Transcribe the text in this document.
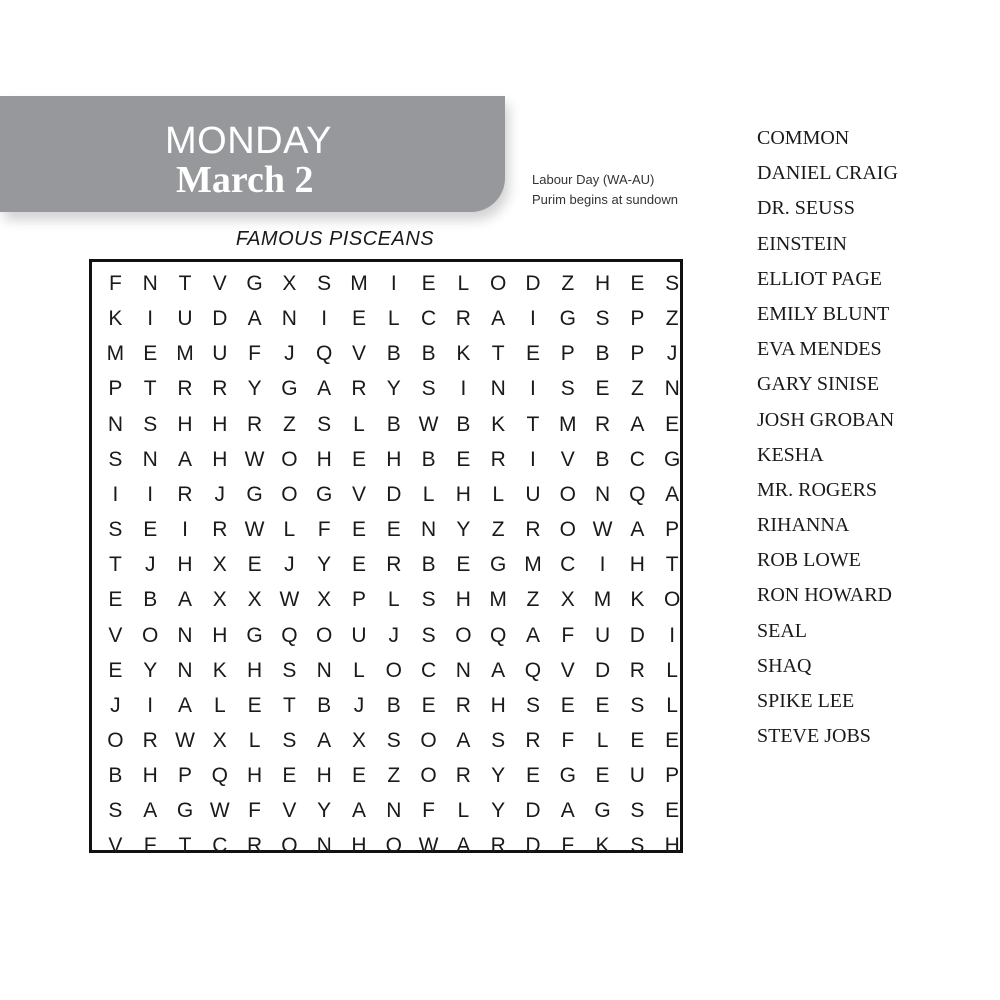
MONDAY
March 2	Labour Day (WA-AU)
Purim begins at sundown
FAMOUS PISCEANS
F N T	V G X S M	I	E	L O D Z H E S
K	I	U D A N	I	E	L	C R A	I	G S P	Z
M E M U F	J	Q V B B K	T	E P B P	J
P	T R R Y G A R Y S	I	N	I	S E	Z N
N S H H R Z	S	L	B W B K	T M R A E
S N A H W O H E H B E R	I	V B C G
I	I	R	J	G O G V D	L	H	L	U O N Q A
S E	I	R W L	F	E E N Y	Z R O W A P
T	J	H X E	J	Y E R B E G M C	I	H T
E B A X X W X P	L	S H M Z	X M K O
V O N H G Q O U	J	S O Q A	F U D	I
E Y N K H S N	L O C N A Q V D R	L
J	I	A	L	E	T	B	J	B E R H S E E S	L
O R W X	L	S A X S O A S R F	L	E E
B H P Q H E H E	Z O R Y E G E U P
S A G W F	V Y A N F	L	Y D A G S E
V	F	T C R O N H O W A R D F	K S H
COMMON
DANIEL CRAIG
DR. SEUSS
EINSTEIN
ELLIOT PAGE
EMILY BLUNT
EVA MENDES
GARY SINISE
JOSH GROBAN
KESHA
MR. ROGERS
RIHANNA
ROB LOWE
RON HOWARD
SEAL
SHAQ
SPIKE LEE
STEVE JOBS
